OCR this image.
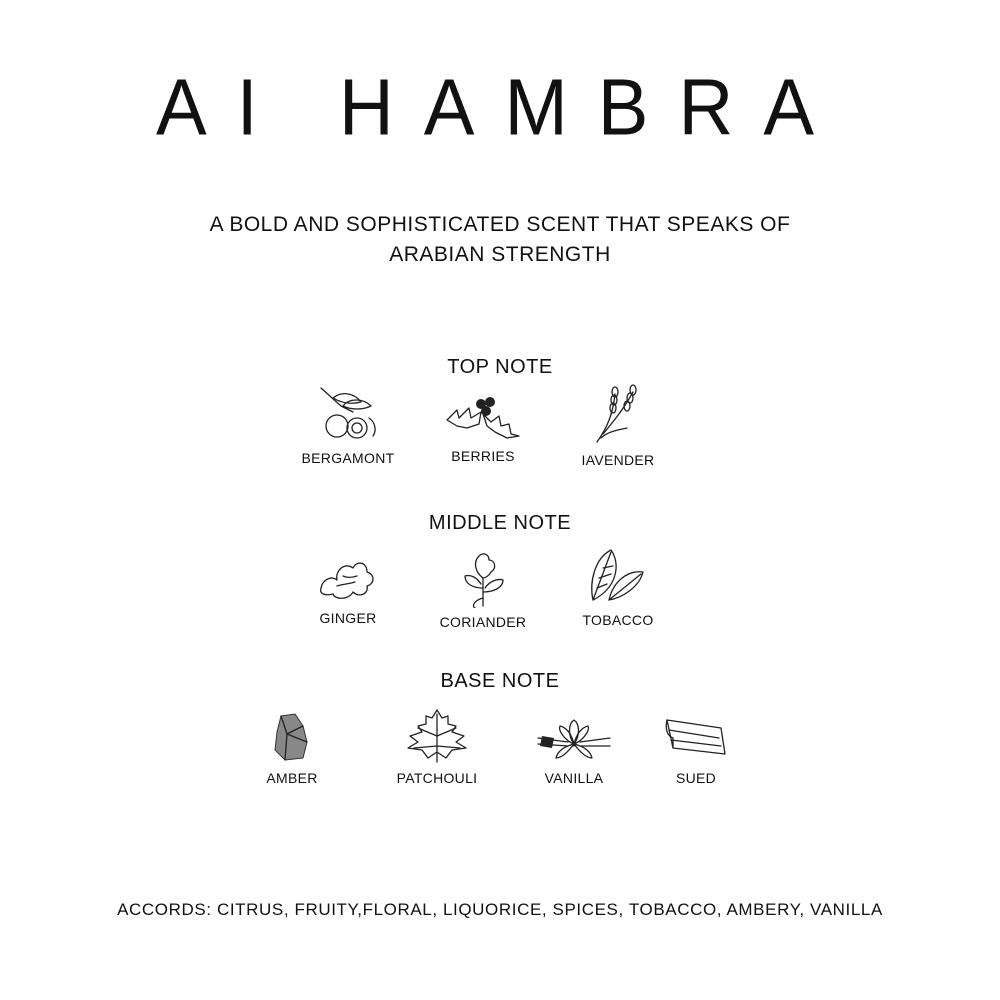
AI HAMBRA
A BOLD AND SOPHISTICATED SCENT THAT SPEAKS OF
ARABIAN STRENGTH
TOP NOTE
BERGAMONT	BERRIES	IAVENDER
MIDDLE NOTE
GINGER	CORIANDER	TOBACCO
BASE NOTE
AMBER	PATCHOULI	VANILLA	SUED
ACCORDS: CITRUS, FRUITY,FLORAL, LIQUORICE, SPICES, TOBACCO, AMBERY, VANILLA
